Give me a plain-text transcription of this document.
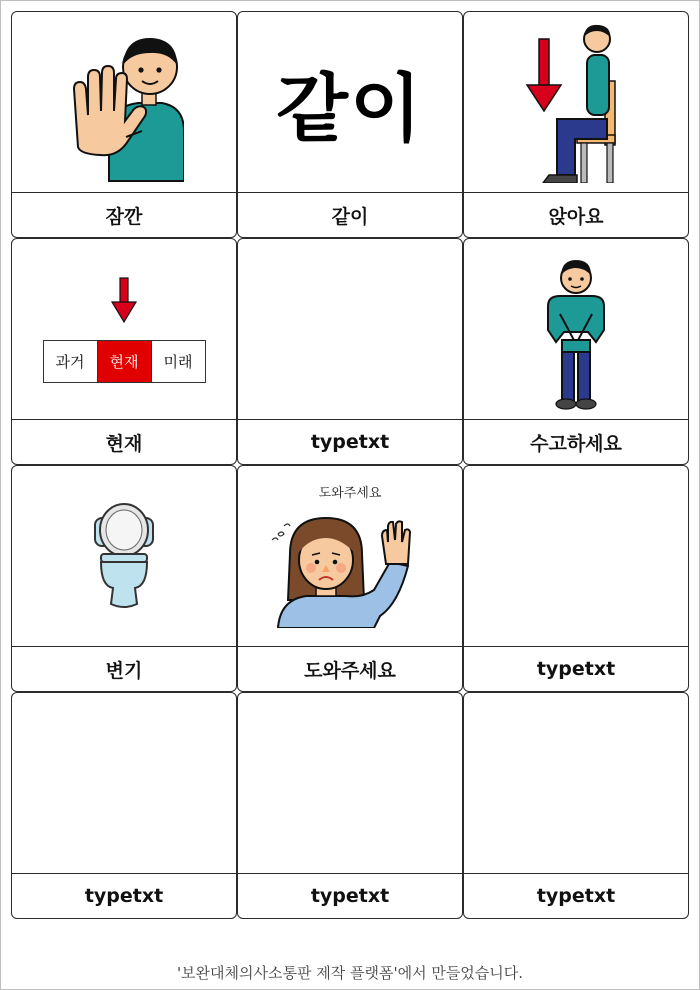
잠깐
같이
같이	앉아요
과거	현재	미래
현재	typetxt	수고하세요
변기
도와주세요
도와주세요	typetxt
typetxt	typetxt	typetxt
'보완대체의사소통판 제작 플랫폼'에서 만들었습니다.
